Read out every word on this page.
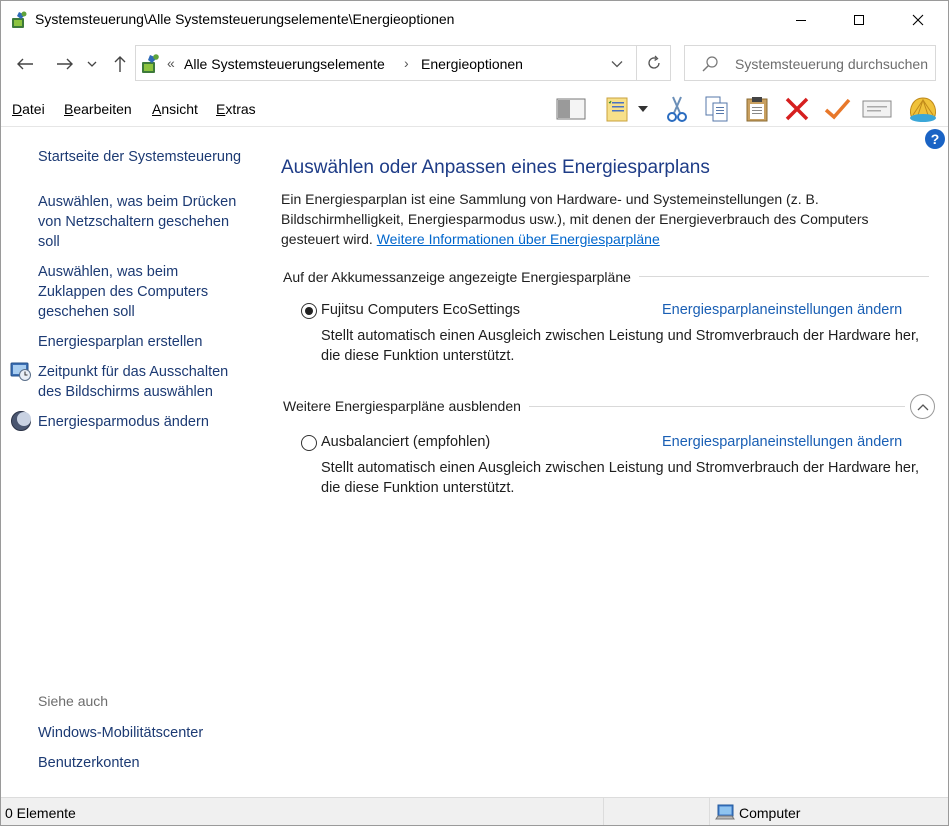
Systemsteuerung\Alle Systemsteuerungselemente\Energieoptionen
« Alle Systemsteuerungselemente › Energieoptionen	Systemsteuerung durchsuchen
Datei Bearbeiten Ansicht Extras
?
Startseite der Systemsteuerung
Auswählen, was beim Drücken von Netzschaltern geschehen soll
Auswählen, was beim Zuklappen des Computers geschehen soll
Energiesparplan erstellen
Zeitpunkt für das Ausschalten des Bildschirms auswählen
Energiesparmodus ändern
Siehe auch
Windows-Mobilitätscenter
Benutzerkonten
Auswählen oder Anpassen eines Energiesparplans
Ein Energiesparplan ist eine Sammlung von Hardware- und Systemeinstellungen (z. B. Bildschirmhelligkeit, Energiesparmodus usw.), mit denen der Energieverbrauch des Computers gesteuert wird. Weitere Informationen über Energiesparpläne
Auf der Akkumessanzeige angezeigte Energiesparpläne
Fujitsu Computers EcoSettings	Energiesparplaneinstellungen ändern
Stellt automatisch einen Ausgleich zwischen Leistung und Stromverbrauch der Hardware her, die diese Funktion unterstützt.
Weitere Energiesparpläne ausblenden
Ausbalanciert (empfohlen)	Energiesparplaneinstellungen ändern
Stellt automatisch einen Ausgleich zwischen Leistung und Stromverbrauch der Hardware her, die diese Funktion unterstützt.
0 Elemente	Computer
